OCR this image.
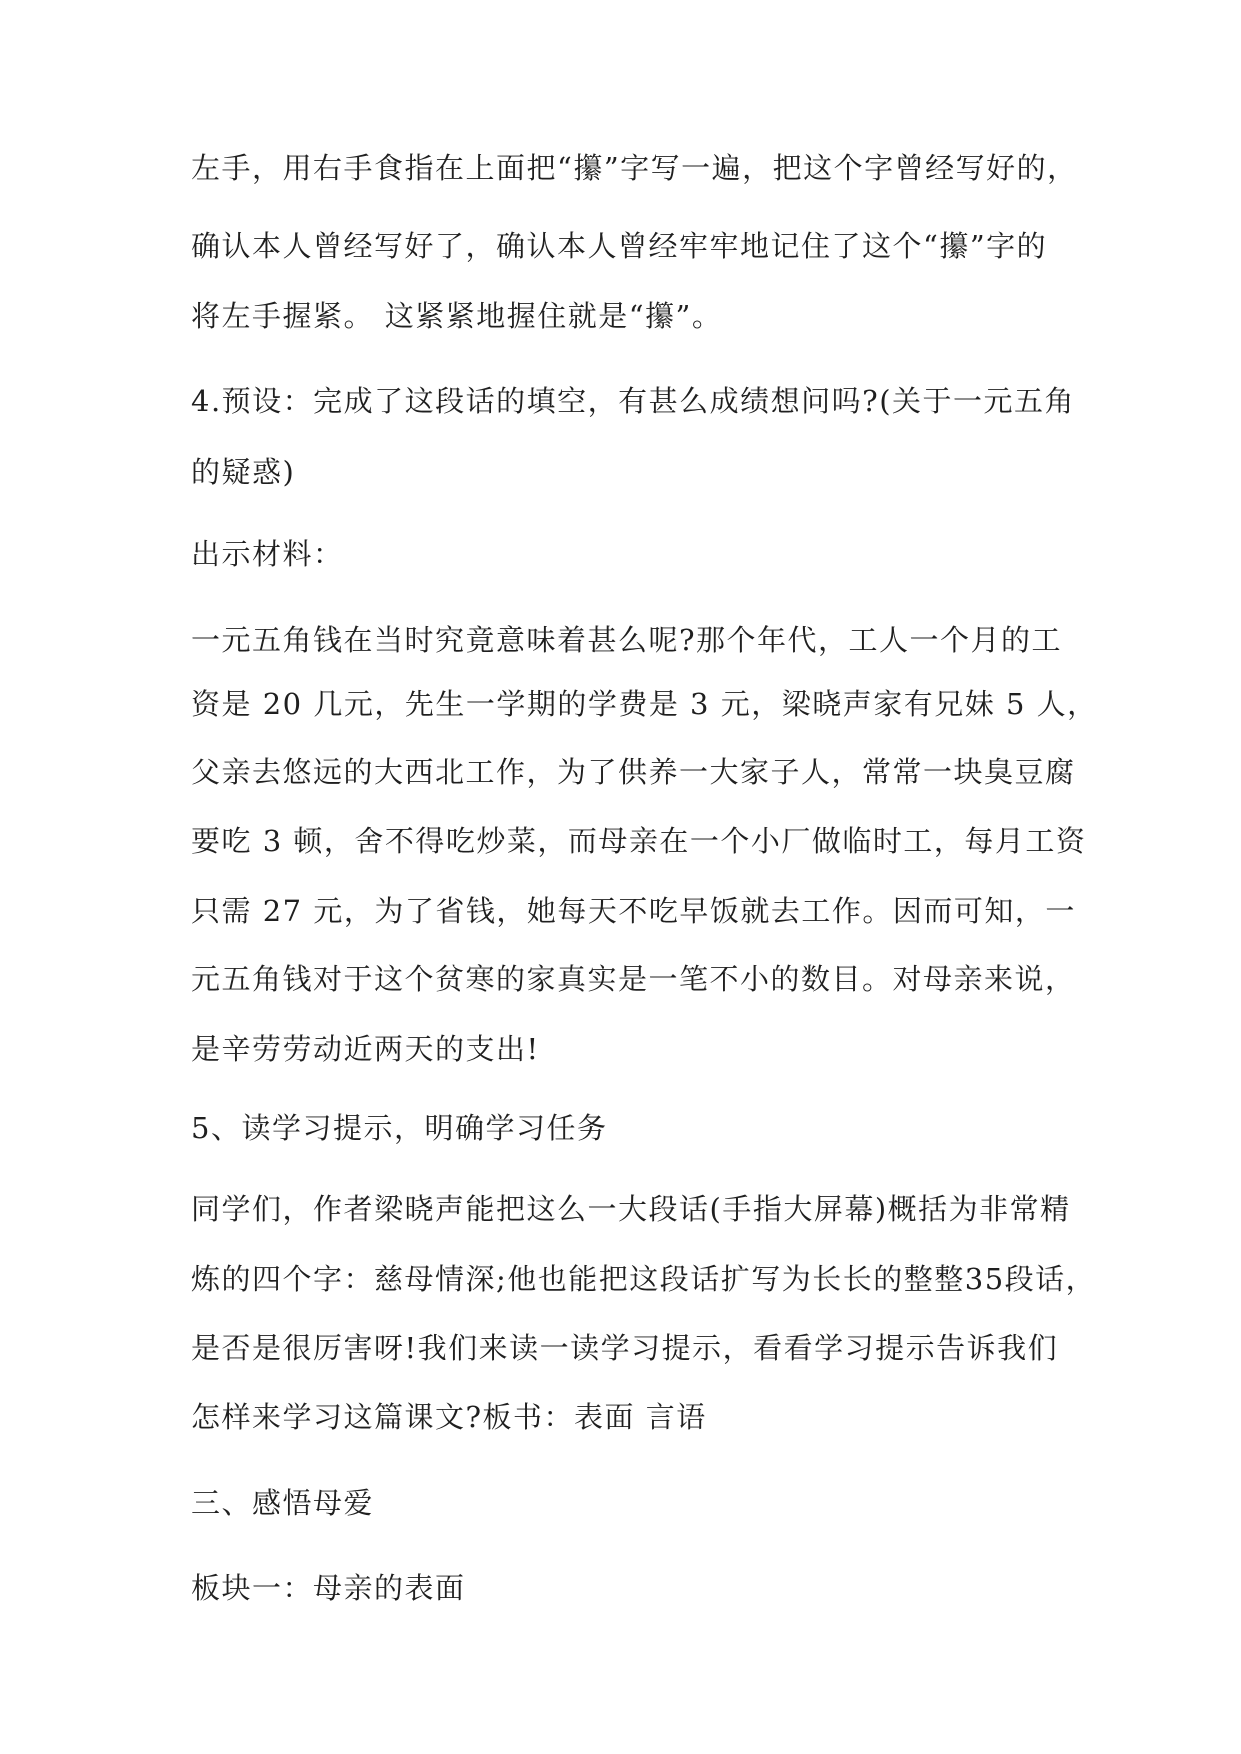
左手，用右手食指在上面把“攥”字写一遍，把这个字曾经写好的，
确认本人曾经写好了，确认本人曾经牢牢地记住了这个“攥”字的
将左手握紧。 这紧紧地握住就是“攥”。
4.预设：完成了这段话的填空，有甚么成绩想问吗?(关于一元五角
的疑惑)
出示材料：
一元五角钱在当时究竟意味着甚么呢?那个年代，工人一个月的工
资是 20 几元，先生一学期的学费是 3 元，梁晓声家有兄妹 5 人，
父亲去悠远的大西北工作，为了供养一大家子人，常常一块臭豆腐
要吃 3 顿，舍不得吃炒菜，而母亲在一个小厂做临时工，每月工资
只需 27 元，为了省钱，她每天不吃早饭就去工作。因而可知，一
元五角钱对于这个贫寒的家真实是一笔不小的数目。对母亲来说，
是辛劳劳动近两天的支出!
5、读学习提示，明确学习任务
同学们，作者梁晓声能把这么一大段话(手指大屏幕)概括为非常精
炼的四个字：慈母情深;他也能把这段话扩写为长长的整整35段话，
是否是很厉害呀!我们来读一读学习提示，看看学习提示告诉我们
怎样来学习这篇课文?板书：表面 言语
三、感悟母爱
板块一：母亲的表面
